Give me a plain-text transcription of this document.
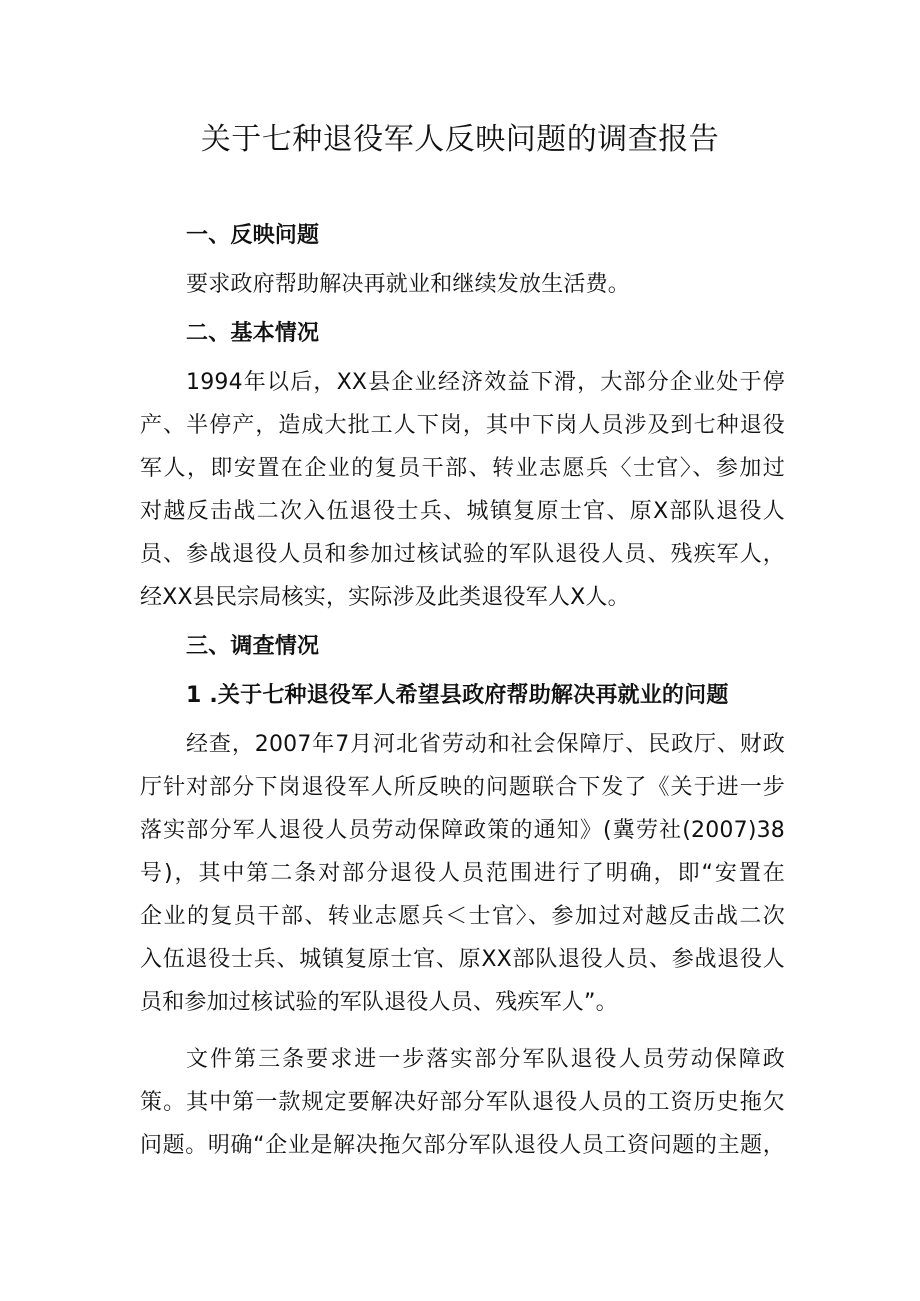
关于七种退役军人反映问题的调查报告
一、反映问题
要求政府帮助解决再就业和继续发放生活费。
二、基本情况
1994年以后，XX县企业经济效益下滑，大部分企业处于停
产、半停产，造成大批工人下岗，其中下岗人员涉及到七种退役
军人，即安置在企业的复员干部、转业志愿兵〈士官〉、参加过
对越反击战二次入伍退役士兵、城镇复原士官、原X部队退役人
员、参战退役人员和参加过核试验的军队退役人员、残疾军人，
经XX县民宗局核实，实际涉及此类退役军人X人。
三、调查情况
1 .关于七种退役军人希望县政府帮助解决再就业的问题
经查，2007年7月河北省劳动和社会保障厅、民政厅、财政
厅针对部分下岗退役军人所反映的问题联合下发了《关于进一步
落实部分军人退役人员劳动保障政策的通知》(冀劳社(2007)38
号)，其中第二条对部分退役人员范围进行了明确，即“安置在
企业的复员干部、转业志愿兵＜士官〉、参加过对越反击战二次
入伍退役士兵、城镇复原士官、原XX部队退役人员、参战退役人
员和参加过核试验的军队退役人员、残疾军人”。
文件第三条要求进一步落实部分军队退役人员劳动保障政
策。其中第一款规定要解决好部分军队退役人员的工资历史拖欠
问题。明确“企业是解决拖欠部分军队退役人员工资问题的主题，
